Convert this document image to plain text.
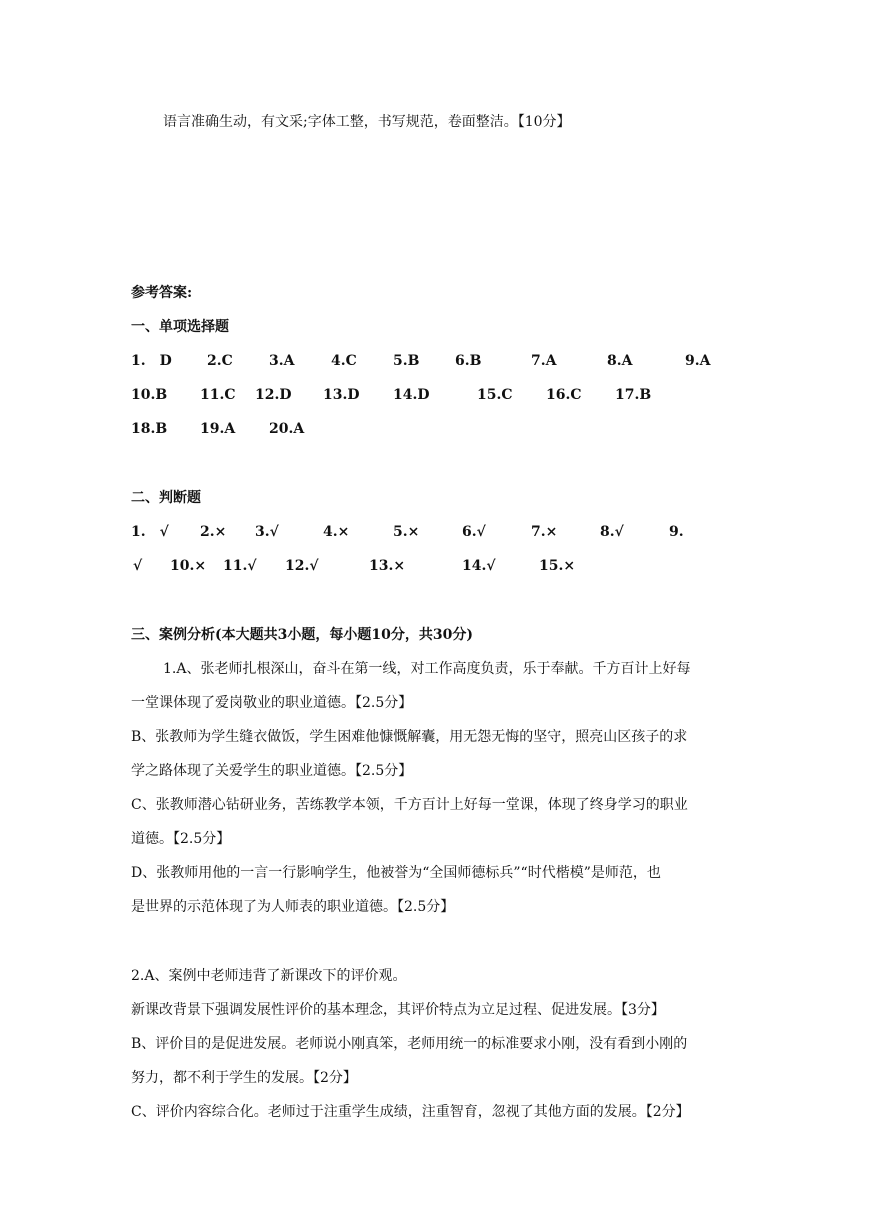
语言准确生动，有文采;字体工整，书写规范，卷面整洁。【10分】
参考答案:
一、单项选择题
1.　D	2.C	3.A	4.C	5.B	6.B	7.A	8.A	9.A
10.B 11.C 12.D 13.D 14.D	15.C 16.C 17.B
18.B 19.A 20.A
二、判断题
1.　√ 2.× 3.√	4.×	5.×	6.√	7.×	8.√	9.
√ 10.× 11.√ 12.√	13.×	14.√	15.×
三、案例分析(本大题共3小题，每小题10分，共30分)
1.A、张老师扎根深山，奋斗在第一线，对工作高度负责，乐于奉献。千方百计上好每
一堂课体现了爱岗敬业的职业道德。【2.5分】
B、张教师为学生缝衣做饭，学生困难他慷慨解囊，用无怨无悔的坚守，照亮山区孩子的求
学之路体现了关爱学生的职业道德。【2.5分】
C、张教师潜心钻研业务，苦练教学本领，千方百计上好每一堂课，体现了终身学习的职业
道德。【2.5分】
D、张教师用他的一言一行影响学生，他被誉为“全国师德标兵”“时代楷模”是师范，也
是世界的示范体现了为人师表的职业道德。【2.5分】
2.A、案例中老师违背了新课改下的评价观。
新课改背景下强调发展性评价的基本理念，其评价特点为立足过程、促进发展。【3分】
B、评价目的是促进发展。老师说小刚真笨，老师用统一的标准要求小刚，没有看到小刚的
努力，都不利于学生的发展。【2分】
C、评价内容综合化。老师过于注重学生成绩，注重智育，忽视了其他方面的发展。【2分】
